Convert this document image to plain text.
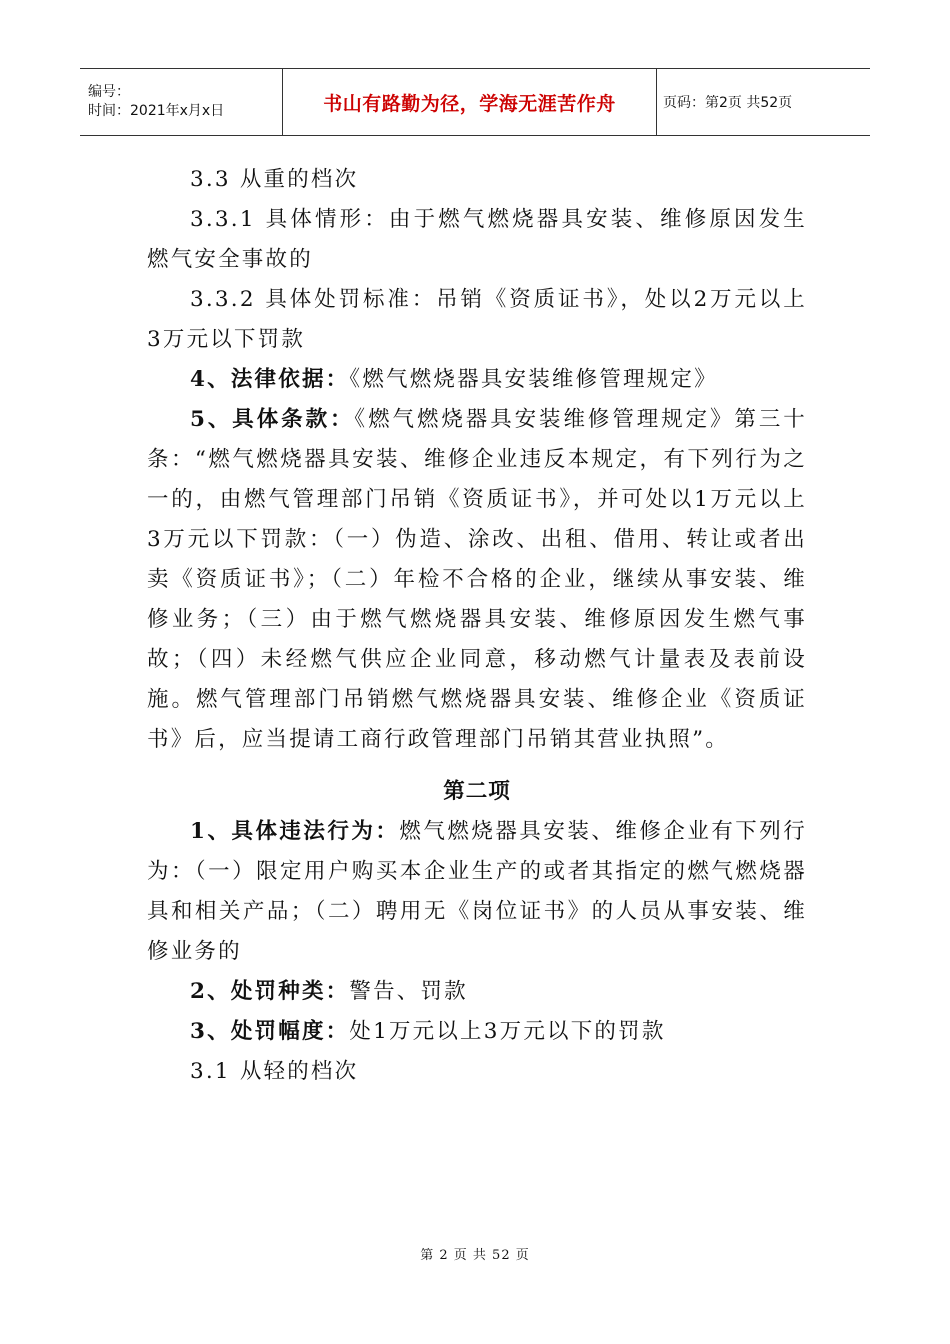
编号：
时间：2021年x月x日	书山有路勤为径，学海无涯苦作舟	页码：第2页 共52页

3.3 从重的档次

3.3.1 具体情形：由于燃气燃烧器具安装、维修原因发生燃气安全事故的

3.3.2 具体处罚标准：吊销《资质证书》，处以2万元以上3万元以下罚款

4、法律依据：《燃气燃烧器具安装维修管理规定》

5、具体条款：《燃气燃烧器具安装维修管理规定》第三十条：“燃气燃烧器具安装、维修企业违反本规定，有下列行为之一的，由燃气管理部门吊销《资质证书》，并可处以1万元以上3万元以下罚款：（一）伪造、涂改、出租、借用、转让或者出卖《资质证书》；（二）年检不合格的企业，继续从事安装、维修业务；（三）由于燃气燃烧器具安装、维修原因发生燃气事故；（四）未经燃气供应企业同意，移动燃气计量表及表前设施。燃气管理部门吊销燃气燃烧器具安装、维修企业《资质证书》后，应当提请工商行政管理部门吊销其营业执照”。

第二项

1、具体违法行为：燃气燃烧器具安装、维修企业有下列行为：（一）限定用户购买本企业生产的或者其指定的燃气燃烧器具和相关产品；（二）聘用无《岗位证书》的人员从事安装、维修业务的

2、处罚种类：警告、罚款

3、处罚幅度：处1万元以上3万元以下的罚款

3.1 从轻的档次

第 2 页 共 52 页
